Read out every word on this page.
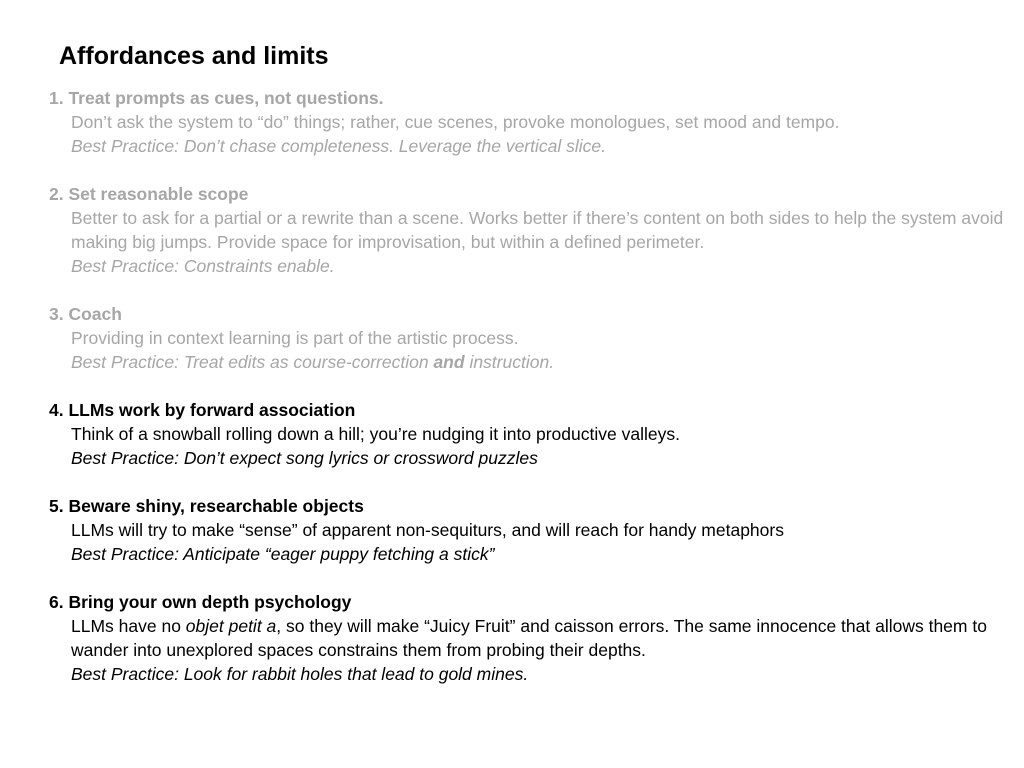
Affordances and limits
1. Treat prompts as cues, not questions.
Don’t ask the system to “do” things; rather, cue scenes, provoke monologues, set mood and tempo.
Best Practice: Don’t chase completeness. Leverage the vertical slice.
2. Set reasonable scope
Better to ask for a partial or a rewrite than a scene. Works better if there’s content on both sides to help the system avoid making big jumps. Provide space for improvisation, but within a defined perimeter.
Best Practice: Constraints enable.
3. Coach
Providing in context learning is part of the artistic process.
Best Practice: Treat edits as course-correction and instruction.
4. LLMs work by forward association
Think of a snowball rolling down a hill; you’re nudging it into productive valleys.
Best Practice: Don’t expect song lyrics or crossword puzzles
5. Beware shiny, researchable objects
LLMs will try to make “sense” of apparent non-sequiturs, and will reach for handy metaphors
Best Practice: Anticipate “eager puppy fetching a stick”
6. Bring your own depth psychology
LLMs have no objet petit a, so they will make “Juicy Fruit” and caisson errors. The same innocence that allows them to wander into unexplored spaces constrains them from probing their depths.
Best Practice: Look for rabbit holes that lead to gold mines.
